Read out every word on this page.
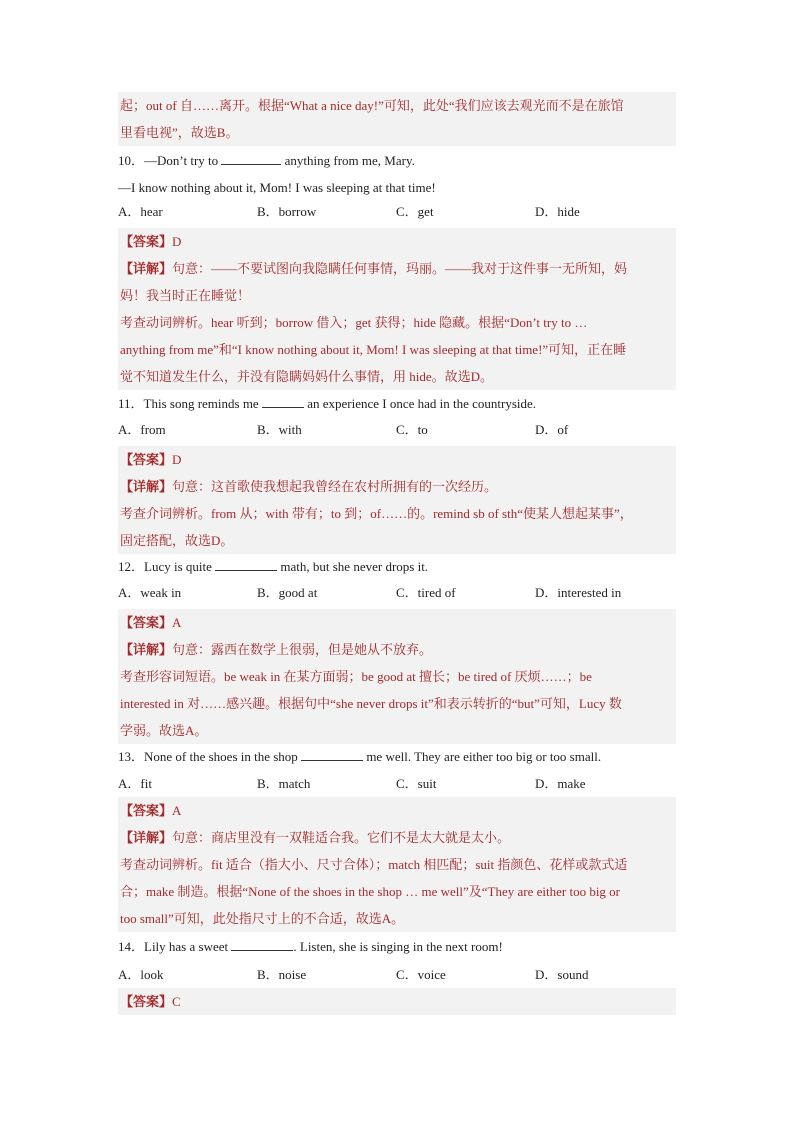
起；out of 自……离开。根据“What a nice day!”可知，此处“我们应该去观光而不是在旅馆

里看电视”，故选B。

10．—Don’t try to	anything from me, Mary.

—I know nothing about it, Mom! I was sleeping at that time!

A．hear	B．borrow	C．get	D．hide

【答案】D

【详解】句意：——不要试图向我隐瞒任何事情，玛丽。——我对于这件事一无所知，妈

妈！我当时正在睡觉！

考查动词辨析。hear 听到；borrow 借入；get 获得；hide 隐藏。根据“Don’t try to …

anything from me”和“I know nothing about it, Mom! I was sleeping at that time!”可知，正在睡

觉不知道发生什么，并没有隐瞒妈妈什么事情，用 hide。故选D。

11．This song reminds me	an experience I once had in the countryside.

A．from	B．with	C．to	D．of

【答案】D

【详解】句意：这首歌使我想起我曾经在农村所拥有的一次经历。

考查介词辨析。from 从；with 带有；to 到；of……的。remind sb of sth“使某人想起某事”，

固定搭配，故选D。

12．Lucy is quite	math, but she never drops it.

A．weak in	B．good at	C．tired of	D．interested in

【答案】A

【详解】句意：露西在数学上很弱，但是她从不放弃。

考查形容词短语。be weak in 在某方面弱；be good at 擅长；be tired of 厌烦……；be

interested in 对……感兴趣。根据句中“she never drops it”和表示转折的“but”可知，Lucy 数

学弱。故选A。

13．None of the shoes in the shop	me well. They are either too big or too small.

A．fit	B．match	C．suit	D．make

【答案】A

【详解】句意：商店里没有一双鞋适合我。它们不是太大就是太小。

考查动词辨析。fit 适合（指大小、尺寸合体）；match 相匹配；suit 指颜色、花样或款式适

合；make 制造。根据“None of the shoes in the shop … me well”及“They are either too big or

too small”可知，此处指尺寸上的不合适，故选A。

14．Lily has a sweet	. Listen, she is singing in the next room!

A．look	B．noise	C．voice	D．sound

【答案】C
